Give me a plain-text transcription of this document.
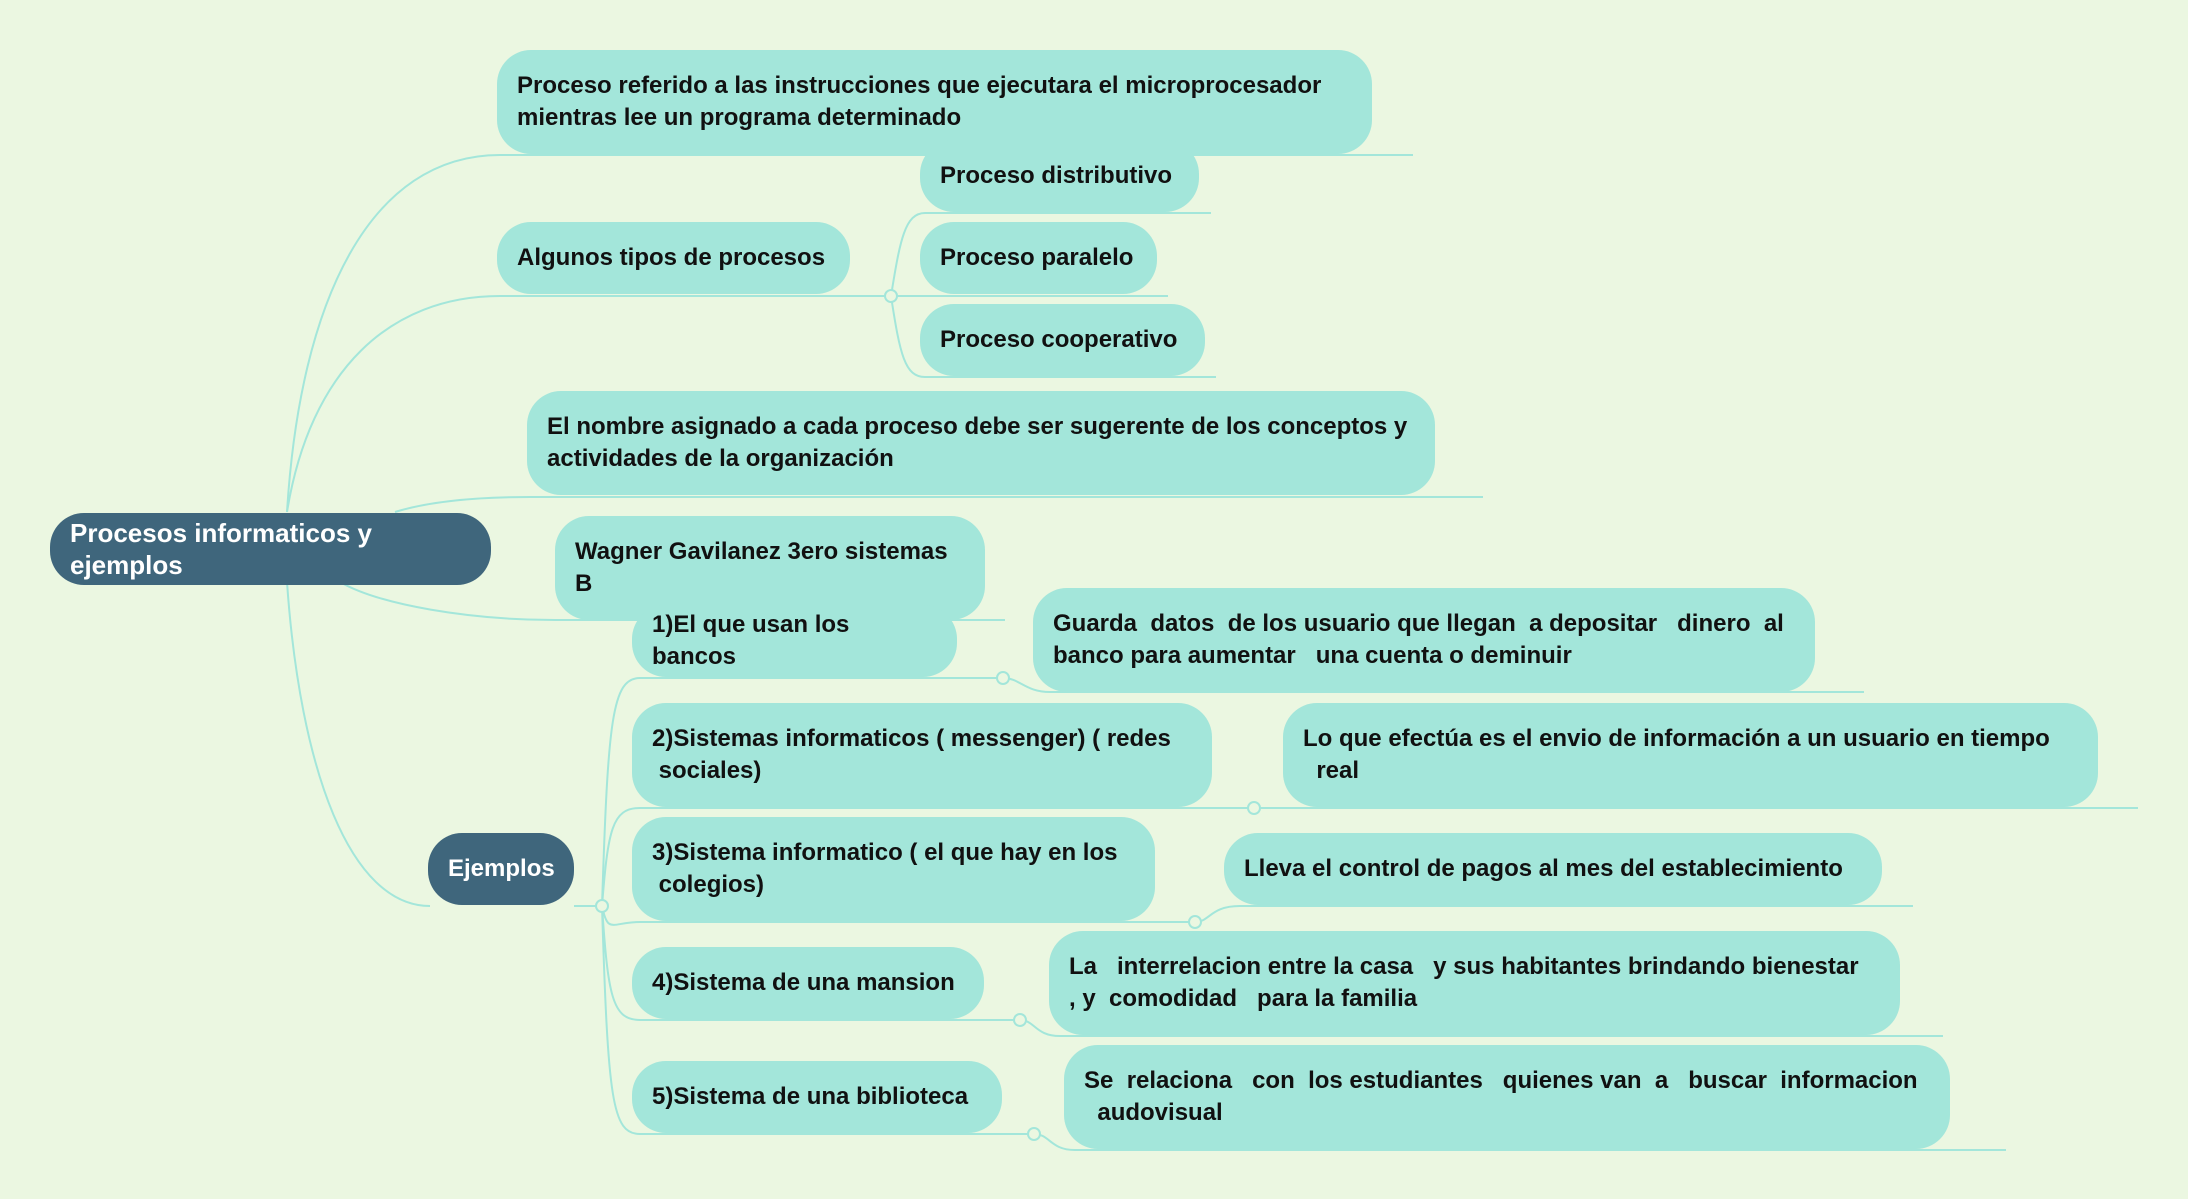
Procesos informaticos y ejemplos
Proceso referido a las instrucciones que ejecutara el microprocesador mientras lee un programa determinado
Algunos tipos de procesos
El nombre asignado a cada proceso debe ser sugerente de los conceptos y actividades de la organización
Wagner Gavilanez 3ero sistemas B
Ejemplos
Proceso distributivo
Proceso paralelo
Proceso cooperativo
1)El que usan los bancos
2)Sistemas informaticos ( messenger) ( redes
sociales)
3)Sistema informatico ( el que hay en los
colegios)
4)Sistema de una mansion
5)Sistema de una biblioteca
Guarda  datos  de los usuario que llegan  a depositar   dinero  al banco para aumentar   una cuenta o deminuir
Lo que efectúa es el envio de información a un usuario en tiempo
real
Lleva el control de pagos al mes del establecimiento
La   interrelacion entre la casa   y sus habitantes brindando bienestar
, y  comodidad   para la familia
Se  relaciona   con  los estudiantes   quienes van  a   buscar  informacion
audovisual
